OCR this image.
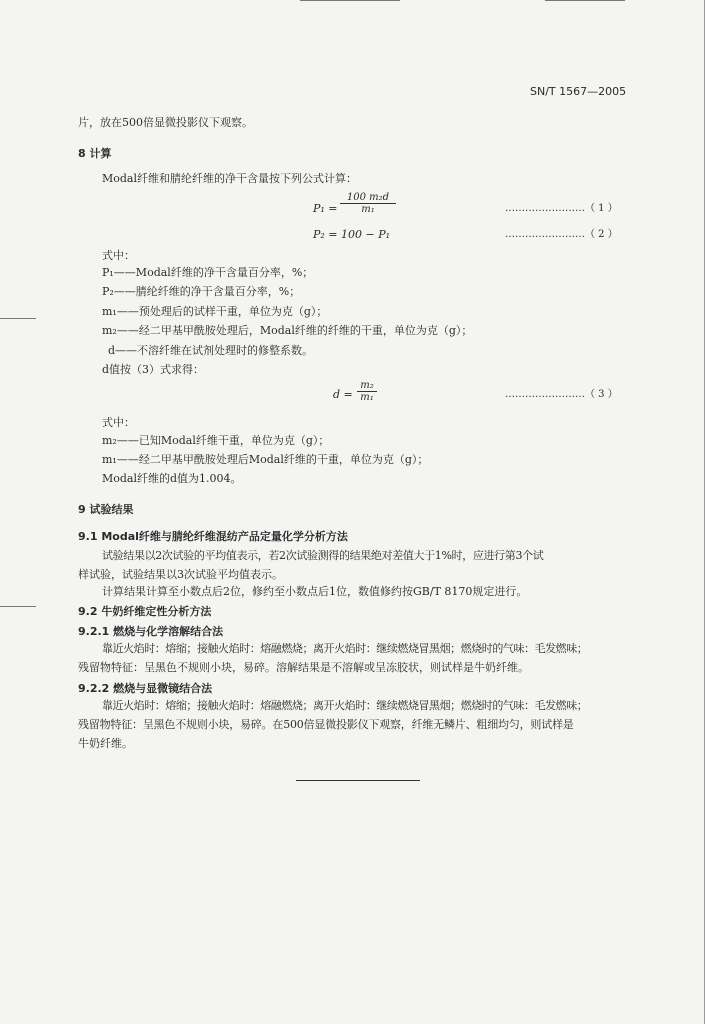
SN/T 1567—2005
片，放在500倍显微投影仪下观察。
8 计算
Modal纤维和腈纶纤维的净干含量按下列公式计算：
P₁ =
100 m₂d
m₁	……………………（ 1 ）
P₂ = 100 − P₁	……………………（ 2 ）
式中：
P₁——Modal纤维的净干含量百分率，%；
P₂——腈纶纤维的净干含量百分率，%；
m₁——预处理后的试样干重，单位为克（g）；
m₂——经二甲基甲酰胺处理后，Modal纤维的纤维的干重，单位为克（g）；
d——不溶纤维在试剂处理时的修整系数。
d值按（3）式求得：
d =
m₂
m₁	……………………（ 3 ）
式中：
m₂——已知Modal纤维干重，单位为克（g）；
m₁——经二甲基甲酰胺处理后Modal纤维的干重，单位为克（g）；
Modal纤维的d值为1.004。
9 试验结果
9.1 Modal纤维与腈纶纤维混纺产品定量化学分析方法
试验结果以2次试验的平均值表示，若2次试验测得的结果绝对差值大于1%时，应进行第3个试
样试验，试验结果以3次试验平均值表示。
计算结果计算至小数点后2位，修约至小数点后1位，数值修约按GB/T 8170规定进行。
9.2 牛奶纤维定性分析方法
9.2.1 燃烧与化学溶解结合法
靠近火焰时：熔缩；接触火焰时：熔融燃烧；离开火焰时：继续燃烧冒黑烟；燃烧时的气味：毛发燃味；
残留物特征：呈黑色不规则小块，易碎。溶解结果是不溶解或呈冻胶状，则试样是牛奶纤维。
9.2.2 燃烧与显微镜结合法
靠近火焰时：熔缩；接触火焰时：熔融燃烧；离开火焰时：继续燃烧冒黑烟；燃烧时的气味：毛发燃味；
残留物特征：呈黑色不规则小块，易碎。在500倍显微投影仪下观察，纤维无鳞片、粗细均匀，则试样是
牛奶纤维。
